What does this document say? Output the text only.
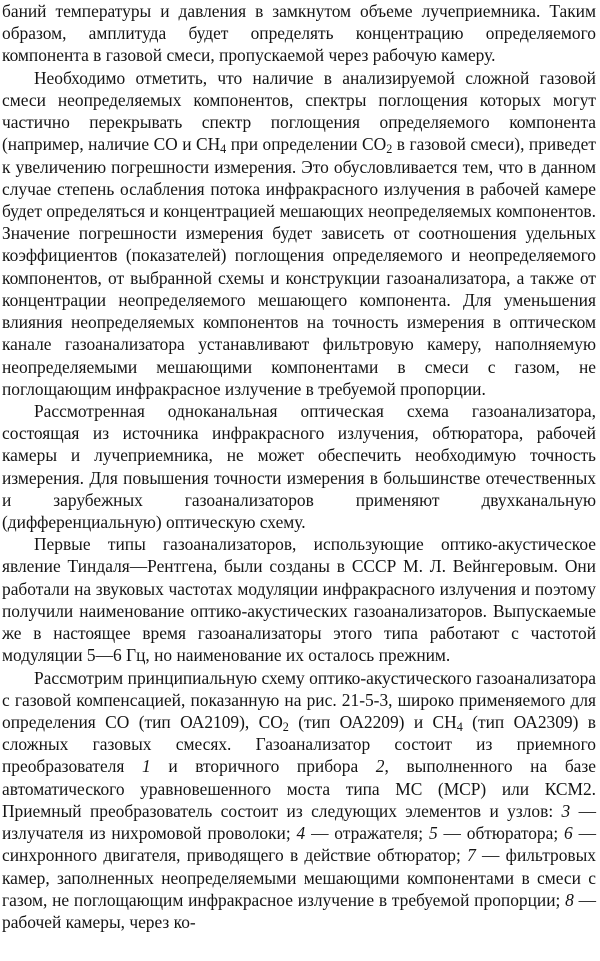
баний температуры и давления в замкнутом объеме лучеприемника. Таким образом, амплитуда будет определять концентрацию определяемого компонента в газовой смеси, пропускаемой через рабочую камеру.

Необходимо отметить, что наличие в анализируемой сложной газовой смеси неопределяемых компонентов, спектры поглощения которых могут частично перекрывать спектр поглощения определяемого компонента (например, наличие CO и $CH_4$ при определении $CO_2$ в газовой смеси), приведет к увеличению погрешности измерения. Это обусловливается тем, что в данном случае степень ослабления потока инфракрасного излучения в рабочей камере будет определяться и концентрацией мешающих неопределяемых компонентов. Значение погрешности измерения будет зависеть от соотношения удельных коэффициентов (показателей) поглощения определяемого и неопределяемого компонентов, от выбранной схемы и конструкции газоанализатора, а также от концентрации неопределяемого мешающего компонента. Для уменьшения влияния неопределяемых компонентов на точность измерения в оптическом канале газоанализатора устанавливают фильтровую камеру, наполняемую неопределяемыми мешающими компонентами в смеси с газом, не поглощающим инфракрасное излучение в требуемой пропорции.

Рассмотренная одноканальная оптическая схема газоанализатора, состоящая из источника инфракрасного излучения, обтюратора, рабочей камеры и лучеприемника, не может обеспечить необходимую точность измерения. Для повышения точности измерения в большинстве отечественных и зарубежных газоанализаторов применяют двухканальную (дифференциальную) оптическую схему.

Первые типы газоанализаторов, использующие оптико-акустическое явление Тиндаля—Рентгена, были созданы в СССР М. Л. Вейнгеровым. Они работали на звуковых частотах модуляции инфракрасного излучения и поэтому получили наименование оптико-акустических газоанализаторов. Выпускаемые же в настоящее время газоанализаторы этого типа работают с частотой модуляции 5—6 Гц, но наименование их осталось прежним.

Рассмотрим принципиальную схему оптико-акустического газоанализатора с газовой компенсацией, показанную на рис. 21-5-3, широко применяемого для определения CO (тип ОА2109), $CO_2$ (тип ОА2209) и $CH_4$ (тип ОА2309) в сложных газовых смесях. Газоанализатор состоит из приемного преобразователя 1 и вторичного прибора 2, выполненного на базе автоматического уравновешенного моста типа МС (МСР) или КСМ2. Приемный преобразователь состоит из следующих элементов и узлов: 3 — излучателя из нихромовой проволоки; 4 — отражателя; 5 — обтюратора; 6 — синхронного двигателя, приводящего в действие обтюратор; 7 — фильтровых камер, заполненных неопределяемыми мешающими компонентами в смеси с газом, не поглощающим инфракрасное излучение в требуемой пропорции; 8 — рабочей камеры, через ко-
